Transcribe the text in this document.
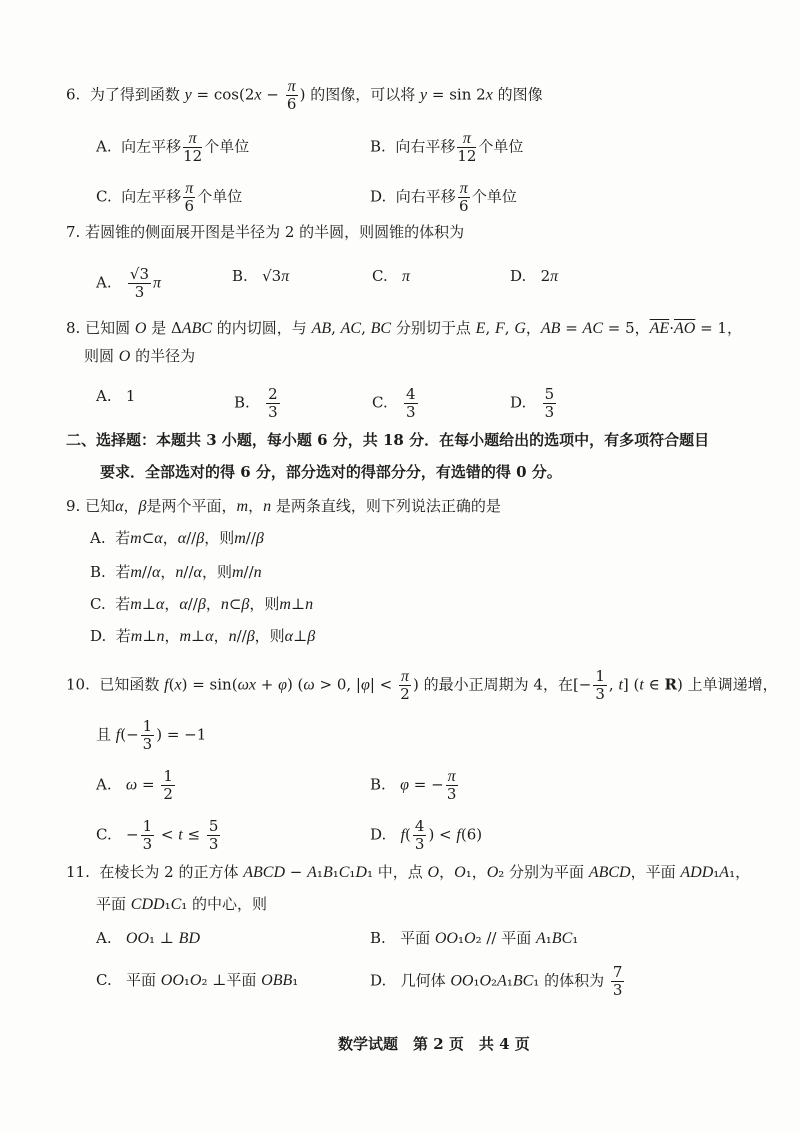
6.  为了得到函数 $y = \cos(2x - \frac{\pi}{6}$ ) 的图像，可以将 y = sin 2x 的图像
A.  向左平移 $\frac{\pi}{12}$ 个单位	B.  向右平移 $\frac{\pi}{12}$ 个单位
C.  向左平移 $\frac{\pi}{6}$ 个单位	D.  向右平移 $\frac{\pi}{6}$ 个单位
7. 若圆锥的侧面展开图是半径为 2 的半圆，则圆锥的体积为
A. $\frac{√3}{3}$ π	B.   √3π	C.   π	D.   2π
8. 已知圆 O 是 ΔABC 的内切圆，与 AB, AC, BC 分别切于点 E, F, G，AB = AC = 5，$\overline{AE}\cdot\overline{AO} = 1$，
则圆 O 的半径为
A.   1	B. $\frac{2}{3}$	C. $\frac{4}{3}$	D. $\frac{5}{3}$
二、选择题：本题共 3 小题，每小题 6 分，共 18 分．在每小题给出的选项中，有多项符合题目
要求．全部选对的得 6 分，部分选对的得部分分，有选错的得 0 分。
9. 已知α，β是两个平面，m，n 是两条直线，则下列说法正确的是
A.  若m⊂α，α//β，则m//β
B.  若m//α，n//α，则m//n
C.  若m⊥α，α//β，n⊂β，则m⊥n
D.  若m⊥n，m⊥α，n//β，则α⊥β
10.  已知函数 f(x) = sin(ωx + φ) (ω > 0, $|\varphi| < \frac{\pi}{2}$ ) 的最小正周期为 4，在[− $\frac{1}{3}$ , t] (t ∈ R) 上单调递增，
且 $f(- \frac{1}{3}$ ) = −1
A.   $\omega = \frac{1}{2}$	B.   φ = − $\frac{\pi}{3}$
C.   − $\frac{1}{3} < t \le \frac{5}{3}$	D.   $f( \frac{4}{3}$ ) < f(6)
11.  在棱长为 2 的正方体 ABCD − A₁B₁C₁D₁ 中，点 O，O₁，O₂ 分别为平面 ABCD，平面 ADD₁A₁，
平面 CDD₁C₁ 的中心，则
A.   OO₁ ⊥ BD	B.   平面 OO₁O₂ // 平面 A₁BC₁
C.   平面 OO₁O₂ ⊥平面 OBB₁	D.   几何体 OO₁O₂A₁BC₁ 的体积为 $\frac{7}{3}$
数学试题　第 2 页　共 4 页
